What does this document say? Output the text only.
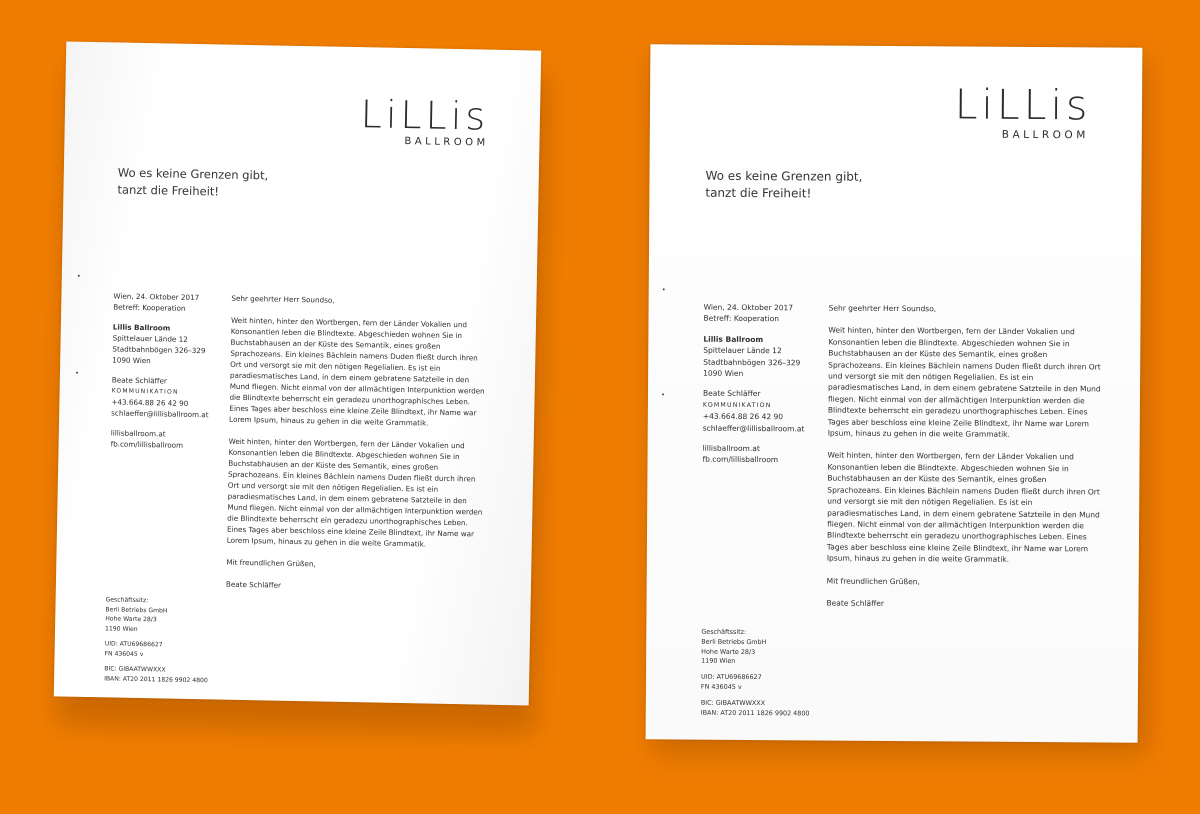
LiLLis
BALLROOM

Wo es keine Grenzen gibt,

tanzt die Freiheit!

Wien, 24. Oktober 2017

Betreff: Kooperation

Lillis Ballroom

Spittelauer Lände 12

Stadtbahnbögen 326–329

1090 Wien

Beate Schläffer

KOMMUNIKATION

+43.664.88 26 42 90

schlaeffer@lillisballroom.at

lillisballroom.at

fb.com/lillisballroom

Sehr geehrter Herr Soundso,

Weit hinten, hinter den Wortbergen, fern der Länder Vokalien und Konsonantien leben die Blindtexte. Abgeschieden wohnen Sie in Buchstabhausen an der Küste des Semantik, eines großen Sprachozeans. Ein kleines Bächlein namens Duden fließt durch ihren Ort und versorgt sie mit den nötigen Regelialien. Es ist ein paradiesmatisches Land, in dem einem gebratene Satzteile in den Mund fliegen. Nicht einmal von der allmächtigen Interpunktion werden die Blindtexte beherrscht ein geradezu unorthographisches Leben. Eines Tages aber beschloss eine kleine Zeile Blindtext, ihr Name war Lorem Ipsum, hinaus zu gehen in die weite Grammatik.

Weit hinten, hinter den Wortbergen, fern der Länder Vokalien und Konsonantien leben die Blindtexte. Abgeschieden wohnen Sie in Buchstabhausen an der Küste des Semantik, eines großen Sprachozeans. Ein kleines Bächlein namens Duden fließt durch ihren Ort und versorgt sie mit den nötigen Regelialien. Es ist ein paradiesmatisches Land, in dem einem gebratene Satzteile in den Mund fliegen. Nicht einmal von der allmächtigen Interpunktion werden die Blindtexte beherrscht ein geradezu unorthographisches Leben. Eines Tages aber beschloss eine kleine Zeile Blindtext, ihr Name war Lorem Ipsum, hinaus zu gehen in die weite Grammatik.

Mit freundlichen Grüßen,

Beate Schläffer

Geschäftssitz:

Berli Betriebs GmbH

Hohe Warte 28/3

1190 Wien

UID: ATU69686627

FN 436045 v

BIC: GIBAATWWXXX

IBAN: AT20 2011 1826 9902 4800

LiLLis
BALLROOM

Wo es keine Grenzen gibt,

tanzt die Freiheit!

Wien, 24. Oktober 2017

Betreff: Kooperation

Lillis Ballroom

Spittelauer Lände 12

Stadtbahnbögen 326–329

1090 Wien

Beate Schläffer

KOMMUNIKATION

+43.664.88 26 42 90

schlaeffer@lillisballroom.at

lillisballroom.at

fb.com/lillisballroom

Sehr geehrter Herr Soundso,

Weit hinten, hinter den Wortbergen, fern der Länder Vokalien und Konsonantien leben die Blindtexte. Abgeschieden wohnen Sie in Buchstabhausen an der Küste des Semantik, eines großen Sprachozeans. Ein kleines Bächlein namens Duden fließt durch ihren Ort und versorgt sie mit den nötigen Regelialien. Es ist ein paradiesmatisches Land, in dem einem gebratene Satzteile in den Mund fliegen. Nicht einmal von der allmächtigen Interpunktion werden die Blindtexte beherrscht ein geradezu unorthographisches Leben. Eines Tages aber beschloss eine kleine Zeile Blindtext, ihr Name war Lorem Ipsum, hinaus zu gehen in die weite Grammatik.

Weit hinten, hinter den Wortbergen, fern der Länder Vokalien und Konsonantien leben die Blindtexte. Abgeschieden wohnen Sie in Buchstabhausen an der Küste des Semantik, eines großen Sprachozeans. Ein kleines Bächlein namens Duden fließt durch ihren Ort und versorgt sie mit den nötigen Regelialien. Es ist ein paradiesmatisches Land, in dem einem gebratene Satzteile in den Mund fliegen. Nicht einmal von der allmächtigen Interpunktion werden die Blindtexte beherrscht ein geradezu unorthographisches Leben. Eines Tages aber beschloss eine kleine Zeile Blindtext, ihr Name war Lorem Ipsum, hinaus zu gehen in die weite Grammatik.

Mit freundlichen Grüßen,

Beate Schläffer

Geschäftssitz:

Berli Betriebs GmbH

Hohe Warte 28/3

1190 Wien

UID: ATU69686627

FN 436045 v

BIC: GIBAATWWXXX

IBAN: AT20 2011 1826 9902 4800
